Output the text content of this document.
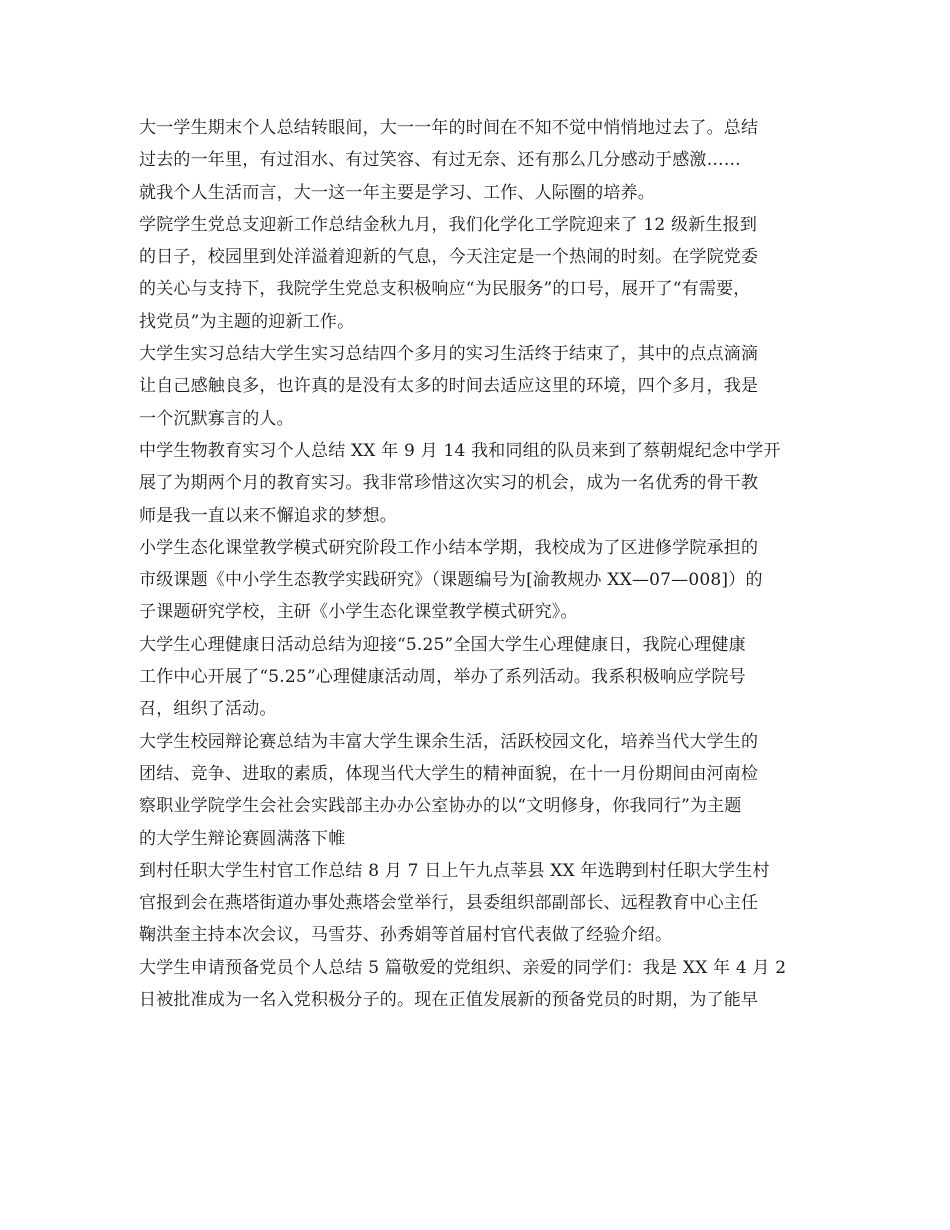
大一学生期末个人总结转眼间，大一一年的时间在不知不觉中悄悄地过去了。总结
过去的一年里，有过泪水、有过笑容、有过无奈、还有那么几分感动于感激……
就我个人生活而言，大一这一年主要是学习、工作、人际圈的培养。
学院学生党总支迎新工作总结金秋九月，我们化学化工学院迎来了 12 级新生报到
的日子，校园里到处洋溢着迎新的气息，今天注定是一个热闹的时刻。在学院党委
的关心与支持下，我院学生党总支积极响应“为民服务”的口号，展开了“有需要，
找党员”为主题的迎新工作。
大学生实习总结大学生实习总结四个多月的实习生活终于结束了，其中的点点滴滴
让自己感触良多，也许真的是没有太多的时间去适应这里的环境，四个多月，我是
一个沉默寡言的人。
中学生物教育实习个人总结 XX 年 9 月 14 我和同组的队员来到了蔡朝焜纪念中学开
展了为期两个月的教育实习。我非常珍惜这次实习的机会，成为一名优秀的骨干教
师是我一直以来不懈追求的梦想。
小学生态化课堂教学模式研究阶段工作小结本学期，我校成为了区进修学院承担的
市级课题《中小学生态教学实践研究》（课题编号为[渝教规办 XX—07—008]）的
子课题研究学校，主研《小学生态化课堂教学模式研究》。
大学生心理健康日活动总结为迎接“5.25”全国大学生心理健康日，我院心理健康
工作中心开展了“5.25”心理健康活动周，举办了系列活动。我系积极响应学院号
召，组织了活动。
大学生校园辩论赛总结为丰富大学生课余生活，活跃校园文化，培养当代大学生的
团结、竞争、进取的素质，体现当代大学生的精神面貌，在十一月份期间由河南检
察职业学院学生会社会实践部主办办公室协办的以“文明修身，你我同行”为主题
的大学生辩论赛圆满落下帷
到村任职大学生村官工作总结 8 月 7 日上午九点莘县 XX 年选聘到村任职大学生村
官报到会在燕塔街道办事处燕塔会堂举行，县委组织部副部长、远程教育中心主任
鞠洪奎主持本次会议，马雪芬、孙秀娟等首届村官代表做了经验介绍。
大学生申请预备党员个人总结 5 篇敬爱的党组织、亲爱的同学们：我是 XX 年 4 月 2
日被批准成为一名入党积极分子的。现在正值发展新的预备党员的时期，为了能早
